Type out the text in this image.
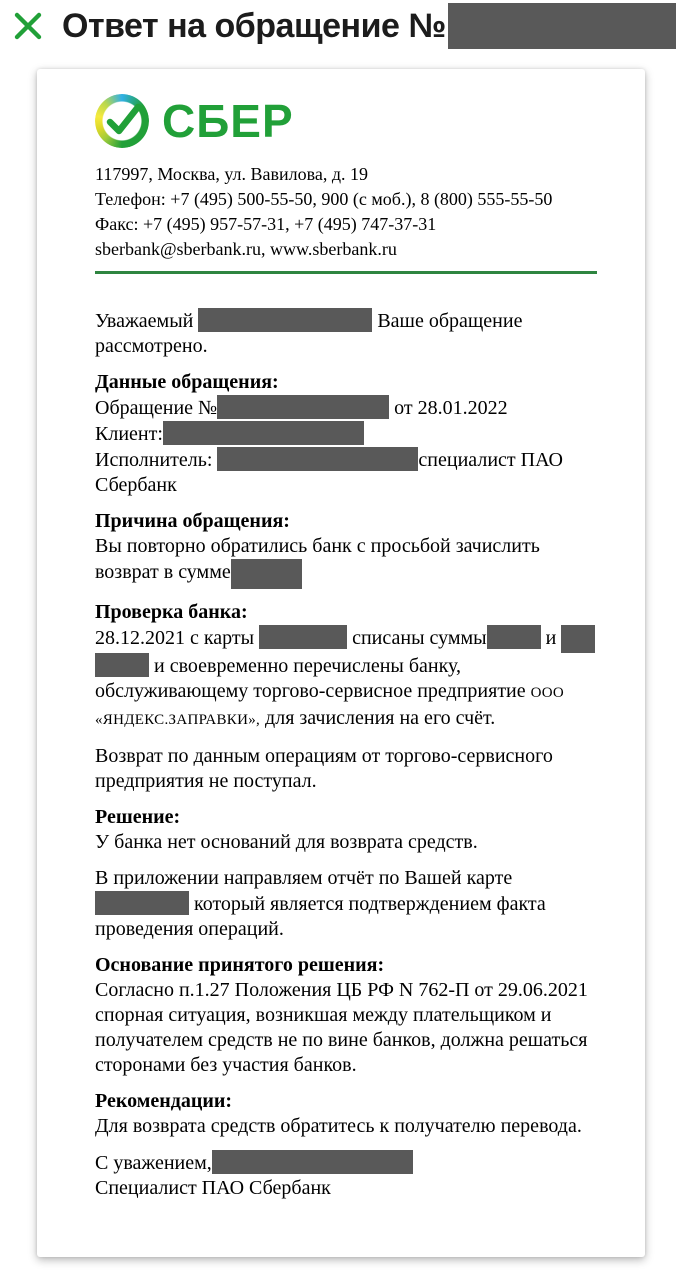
Ответ на обращение №
СБЕР
117997, Москва, ул. Вавилова, д. 19
Телефон: +7 (495) 500-55-50, 900 (с моб.), 8 (800) 555-55-50
Факс: +7 (495) 957-57-31, +7 (495) 747-37-31
sberbank@sberbank.ru, www.sberbank.ru
Уважаемый	Ваше обращение рассмотрено.
Данные обращения:
Обращение №	от 28.01.2022
Клиент:
Исполнитель:	специалист ПАО Сбербанк
Причина обращения:
Вы повторно обратились банк с просьбой зачислить возврат в сумме
Проверка банка:
28.12.2021 с карты	списаны суммы	и   и своевременно перечислены банку, обслуживающему торгово-сервисное предприятие ООО «ЯНДЕКС.ЗАПРАВКИ», для зачисления на его счёт.
Возврат по данным операциям от торгово-сервисного предприятия не поступал.
Решение:
У банка нет оснований для возврата средств.
В приложении направляем отчёт по Вашей карте  который является подтверждением факта проведения операций.
Основание принятого решения:
Согласно п.1.27 Положения ЦБ РФ N 762-П от 29.06.2021 спорная ситуация, возникшая между плательщиком и получателем средств не по вине банков, должна решаться сторонами без участия банков.
Рекомендации:
Для возврата средств обратитесь к получателю перевода.
С уважением,
Специалист ПАО Сбербанк
